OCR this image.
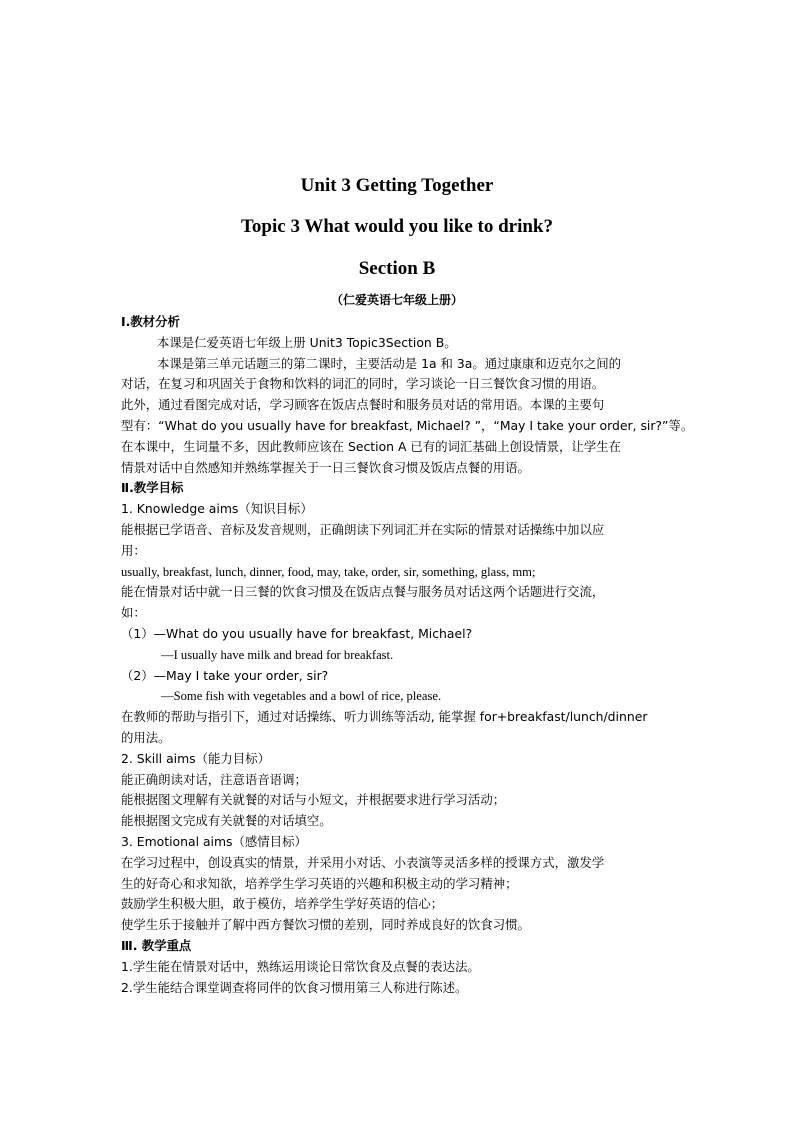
Unit 3 Getting Together
Topic 3 What would you like to drink?
Section B
（仁爱英语七年级上册）

Ⅰ.教材分析

本课是仁爱英语七年级上册 Unit3 Topic3Section B。

本课是第三单元话题三的第二课时，主要活动是 1a 和 3a。通过康康和迈克尔之间的

对话，在复习和巩固关于食物和饮料的词汇的同时，学习谈论一日三餐饮食习惯的用语。

此外，通过看图完成对话，学习顾客在饭店点餐时和服务员对话的常用语。本课的主要句

型有：“What do you usually have for breakfast, Michael? ”，“May I take your order, sir?”等。

在本课中，生词量不多，因此教师应该在 Section A 已有的词汇基础上创设情景，让学生在

情景对话中自然感知并熟练掌握关于一日三餐饮食习惯及饭店点餐的用语。

Ⅱ.教学目标

1. Knowledge aims（知识目标）

能根据已学语音、音标及发音规则，正确朗读下列词汇并在实际的情景对话操练中加以应

用：

usually, breakfast, lunch, dinner, food, may, take, order, sir, something, glass, mm;

能在情景对话中就一日三餐的饮食习惯及在饭店点餐与服务员对话这两个话题进行交流，

如：

（1）—What do you usually have for breakfast, Michael?

—I usually have milk and bread for breakfast.

（2）—May I take your order, sir?

—Some fish with vegetables and a bowl of rice, please.

在教师的帮助与指引下，通过对话操练、听力训练等活动, 能掌握 for+breakfast/lunch/dinner

的用法。

2. Skill aims（能力目标）

能正确朗读对话，注意语音语调；

能根据图文理解有关就餐的对话与小短文，并根据要求进行学习活动；

能根据图文完成有关就餐的对话填空。

3. Emotional aims（感情目标）

在学习过程中，创设真实的情景，并采用小对话、小表演等灵活多样的授课方式，激发学

生的好奇心和求知欲，培养学生学习英语的兴趣和积极主动的学习精神；

鼓励学生积极大胆，敢于模仿，培养学生学好英语的信心；

使学生乐于接触并了解中西方餐饮习惯的差别，同时养成良好的饮食习惯。

Ⅲ. 教学重点

1.学生能在情景对话中，熟练运用谈论日常饮食及点餐的表达法。

2.学生能结合课堂调查将同伴的饮食习惯用第三人称进行陈述。
